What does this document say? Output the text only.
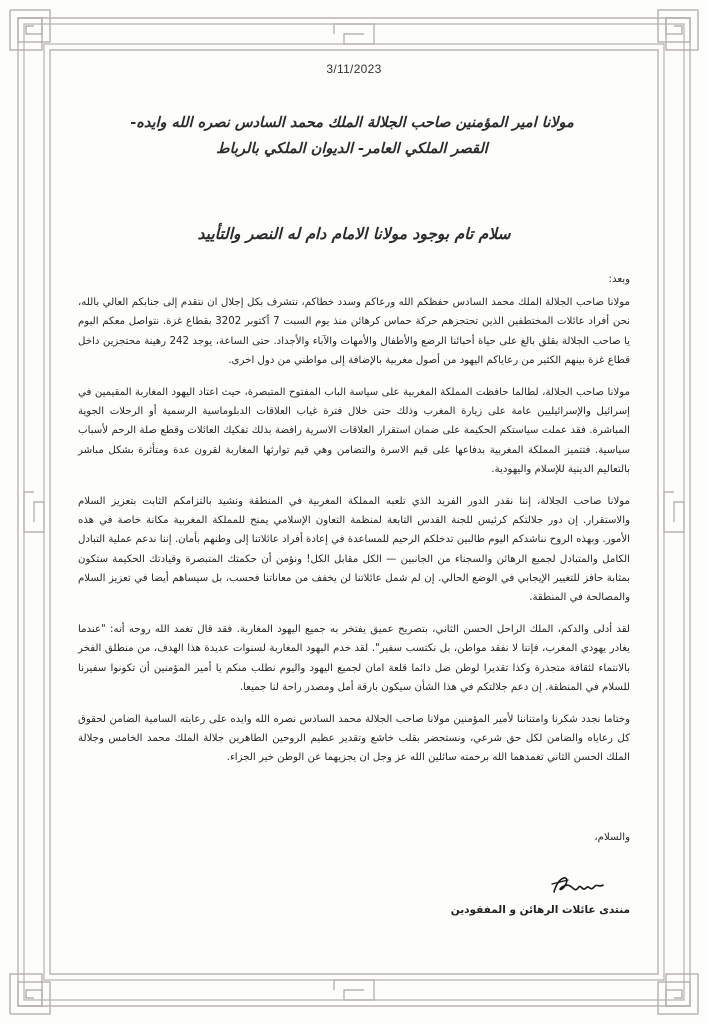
3/11/2023
مولانا امير المؤمنين صاحب الجلالة الملك محمد السادس نصره الله وايده-
القصر الملكي العامر- الديوان الملكي بالرباط
سلام تام بوجود مولانا الامام دام له النصر والتأييد

وبعد:

مولانا صاحب الجلالة الملك محمد السادس حفظكم الله ورعاكم وسدد خطاكم، نتشرف بكل إجلال ان نتقدم إلى جنابكم العالي بالله، نحن أفراد عائلات المختطفين الذين تحتجزهم حركة حماس كرهائن منذ يوم السبت 7 أكتوبر 3202 بقطاع غزة. نتواصل معكم اليوم يا صاحب الجلالة بقلق بالغ على حياة أحبائنا الرضع والأطفال والأمهات والآباء والأجداد. حتى الساعة، يوجد 242 رهينة محتجزين داخل قطاع غزة بينهم الكثير من رعاياكم اليهود من أصول مغربية بالإضافة إلى مواطني من دول اخرى.

مولانا صاحب الجلالة، لطالما حافظت المملكة المغربية على سياسة الباب المفتوح المتبصرة، حيث اعتاد اليهود المغاربة المقيمين في إسرائيل والإسرائيليين عامة على زيارة المغرب وذلك حتى خلال فترة غياب العلاقات الدبلوماسية الرسمية أو الرحلات الجوية المباشرة. فقد عملت سياستكم الحكيمة على ضمان استقرار العلاقات الاسرية رافضة بذلك تفكيك العائلات وقطع صلة الرحم لأسباب سياسية. فتتميز المملكة المغربية بدفاعها على قيم الاسرة والتضامن وهي قيم توارثها المغاربة لقرون عدة ومتأثرة بشكل مباشر بالتعاليم الدينية للإسلام واليهودية.

مولانا صاحب الجلالة، إننا نقدر الدور الفريد الذي تلعبه المملكة المغربية في المنطقة ونشيد بالتزامكم الثابت بتعزيز السلام والاستقرار. إن دور جلالتكم كرئيس للجنة القدس التابعة لمنظمة التعاون الإسلامي يمنح للمملكة المغربية مكانة خاصة في هذه الأمور. وبهذه الروح نناشدكم اليوم طالبين تدخلكم الرحيم للمساعدة في إعادة أفراد عائلاتنا إلى وطنهم بأمان. إننا ندعم عملية التبادل الكامل والمتبادل لجميع الرهائن والسجناء من الجانبين — الكل مقابل الكل! ونؤمن أن حكمتك المتبصرة وقيادتك الحكيمة ستكون بمثابة حافز للتغيير الإيجابي في الوضع الحالي. إن لم شمل عائلاتنا لن يخفف من معاناتنا فحسب، بل سيساهم أيضا في تعزيز السلام والمصالحة في المنطقة.

لقد أدلى والدكم، الملك الراحل الحسن الثاني، بتصريح عميق يفتخر به جميع اليهود المغاربة. فقد قال تغمد الله روحه أنه: "عندما يغادر يهودي المغرب، فإننا لا نفقد مواطن، بل نكتسب سفير". لقد خدم اليهود المغاربة لسنوات عديدة هذا الهدف، من منطلق الفخر بالانتماء لثقافة متجذرة وكذا تقديرا لوطن ضل دائما قلعة امان لجميع اليهود واليوم نطلب منكم يا أمير المؤمنين أن تكونوا سفيرنا للسلام في المنطقة. إن دعم جلالتكم في هذا الشأن سيكون بارقة أمل ومصدر راحة لنا جميعا.

وختاما نجدد شكرنا وامتناننا لأمير المؤمنين مولانا صاحب الجلالة محمد السادس نصره الله وايده على رعايته السامية الضامن لحقوق كل رعاياه والضامن لكل حق شرعي، ونستحضر بقلب خاشع وتقدير عظيم الروحين الطاهرين جلالة الملك محمد الخامس وجلالة الملك الحسن الثاني تغمدهما الله برحمته سائلين الله عز وجل ان يجزيهما عن الوطن خير الجزاء.

والسلام،
منتدى عائلات الرهائن و المفقودين
